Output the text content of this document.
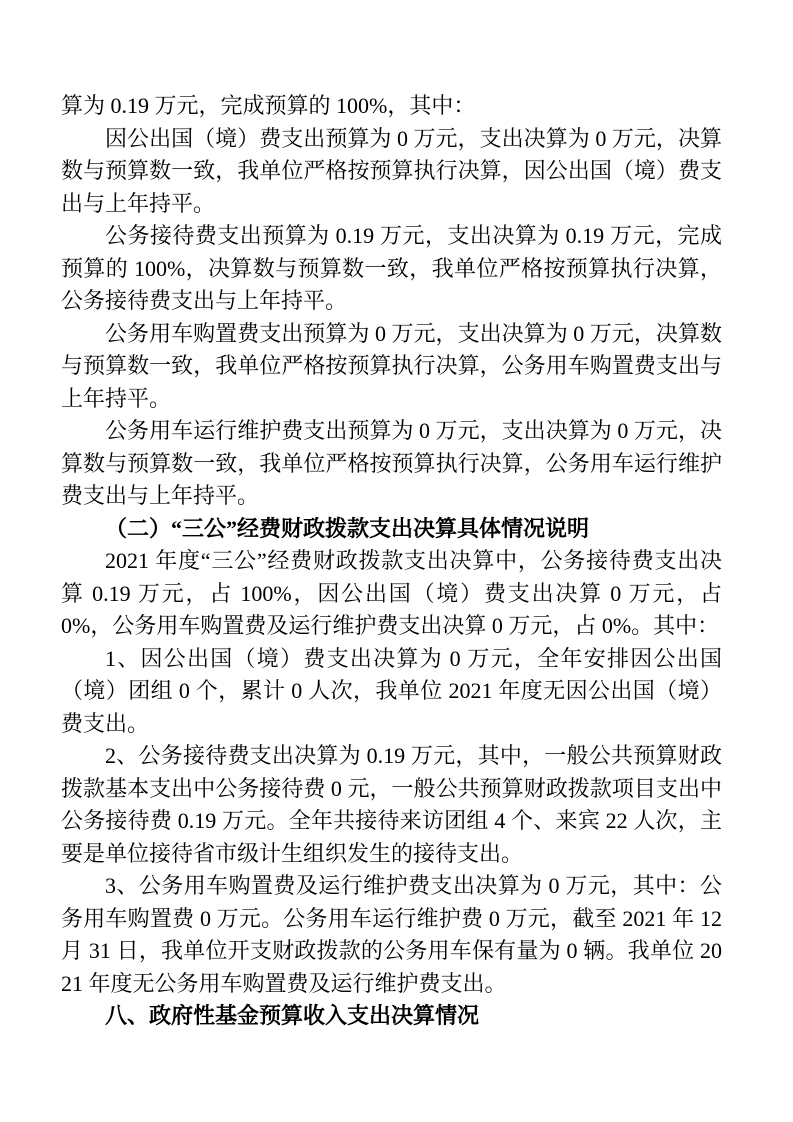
算为 0.19 万元，完成预算的 100%，其中：

因公出国（境）费支出预算为 0 万元，支出决算为 0 万元，决算数与预算数一致，我单位严格按预算执行决算，因公出国（境）费支出与上年持平。

公务接待费支出预算为 0.19 万元，支出决算为 0.19 万元，完成预算的 100%，决算数与预算数一致，我单位严格按预算执行决算，公务接待费支出与上年持平。

公务用车购置费支出预算为 0 万元，支出决算为 0 万元，决算数与预算数一致，我单位严格按预算执行决算，公务用车购置费支出与上年持平。

公务用车运行维护费支出预算为 0 万元，支出决算为 0 万元，决算数与预算数一致，我单位严格按预算执行决算，公务用车运行维护费支出与上年持平。

（二）“三公”经费财政拨款支出决算具体情况说明

2021 年度“三公”经费财政拨款支出决算中，公务接待费支出决算 0.19 万元，占 100%，因公出国（境）费支出决算 0 万元，占 0%，公务用车购置费及运行维护费支出决算 0 万元，占 0%。其中：

1、因公出国（境）费支出决算为 0 万元，全年安排因公出国（境）团组 0 个，累计 0 人次，我单位 2021 年度无因公出国（境）费支出。

2、公务接待费支出决算为 0.19 万元，其中，一般公共预算财政拨款基本支出中公务接待费 0 元，一般公共预算财政拨款项目支出中公务接待费 0.19 万元。全年共接待来访团组 4 个、来宾 22 人次，主要是单位接待省市级计生组织发生的接待支出。

3、公务用车购置费及运行维护费支出决算为 0 万元，其中：公务用车购置费 0 万元。公务用车运行维护费 0 万元，截至 2021 年 12 月 31 日，我单位开支财政拨款的公务用车保有量为 0 辆。我单位 2021 年度无公务用车购置费及运行维护费支出。

八、政府性基金预算收入支出决算情况
